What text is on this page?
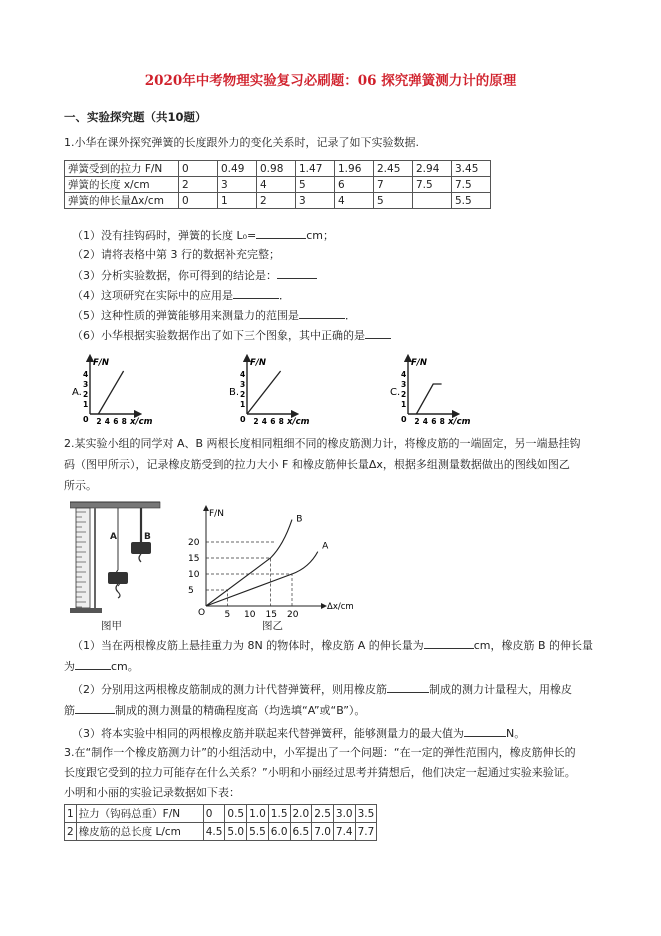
2020年中考物理实验复习必刷题：06 探究弹簧测力计的原理
一、实验探究题（共10题）
1.小华在课外探究弹簧的长度跟外力的变化关系时，记录了如下实验数据.
弹簧受到的拉力 F/N	0	0.49	0.98	1.47	1.96	2.45	2.94	3.45
弹簧的长度 x/cm	2	3	4	5	6	7	7.5	7.5
弹簧的伸长量Δx/cm	0	1	2	3	4	5		5.5
（1）没有挂钩码时，弹簧的长度 L₀=	cm；
（2）请将表格中第 3 行的数据补充完整；
（3）分析实验数据，你可得到的结论是：
（4）这项研究在实际中的应用是	．
（5）这种性质的弹簧能够用来测量力的范围是	．
（6）小华根据实验数据作出了如下三个图象，其中正确的是
A.
F/N
x/cm
0
1
2
3
4
2 4 6 8
B.
F/N
x/cm
0
1
2
3
4
2 4 6 8
C.
F/N
x/cm
0
1
2
3
4
2 4 6 8
2.某实验小组的同学对 A、B 两根长度相同粗细不同的橡皮筋测力计，将橡皮筋的一端固定，另一端悬挂钩
码（图甲所示），记录橡皮筋受到的拉力大小 F 和橡皮筋伸长量Δx，根据多组测量数据做出的图线如图乙
所示。
A	B
图甲
F/N
Δx/cm
O
5
10
15
20
5 10 15 20
B
A
图乙
（1）当在两根橡皮筋上悬挂重力为 8N 的物体时，橡皮筋 A 的伸长量为	cm，橡皮筋 B 的伸长量
为	cm。
（2）分别用这两根橡皮筋制成的测力计代替弹簧秤，则用橡皮筋	制成的测力计量程大，用橡皮
筋	制成的测力测量的精确程度高（均选填“A”或“B”）。
（3）将本实验中相同的两根橡皮筋并联起来代替弹簧秤，能够测量力的最大值为	N。
3.在“制作一个橡皮筋测力计”的小组活动中，小军提出了一个问题：“在一定的弹性范围内，橡皮筋伸长的
长度跟它受到的拉力可能存在什么关系？”小明和小丽经过思考并猜想后，他们决定一起通过实验来验证。
小明和小丽的实验记录数据如下表：
1	拉力（钩码总重）F/N	0	0.5	1.0	1.5	2.0	2.5	3.0	3.5
2	橡皮筋的总长度 L/cm	4.5	5.0	5.5	6.0	6.5	7.0	7.4	7.7
